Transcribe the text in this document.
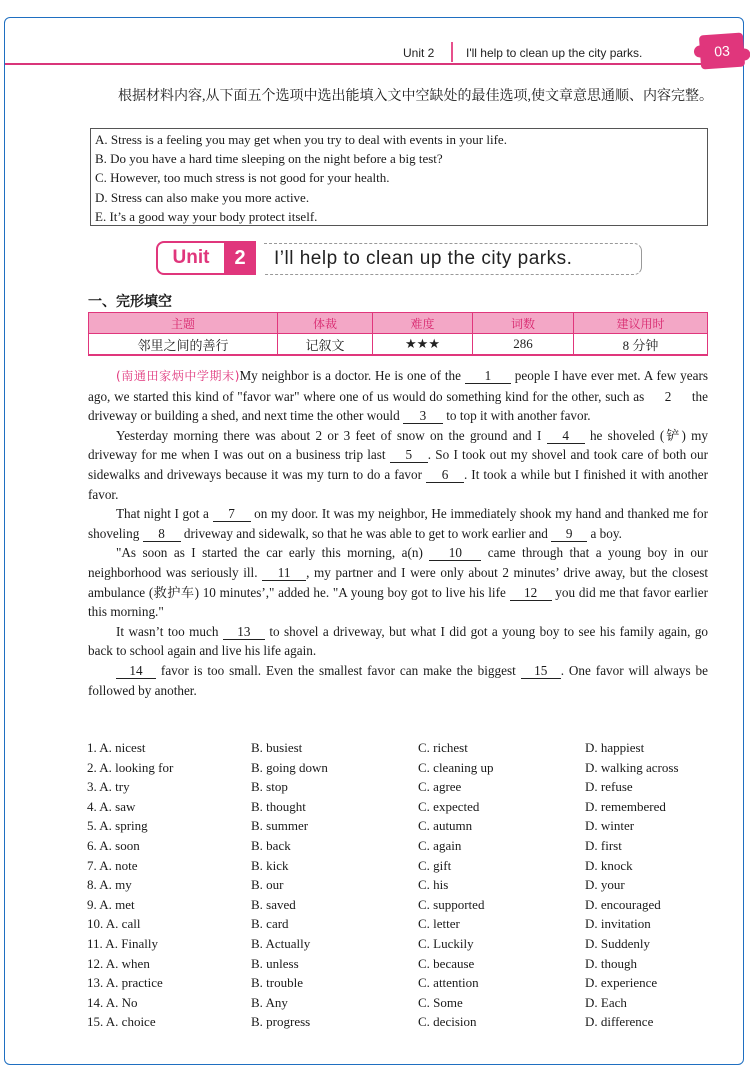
Unit 2	I'll help to clean up the city parks.	03
根据材料内容,从下面五个选项中选出能填入文中空缺处的最佳选项,使文章意思通顺、内容完整。
A. Stress is a feeling you may get when you try to deal with events in your life.
B. Do you have a hard time sleeping on the night before a big test?
C. However, too much stress is not good for your health.
D. Stress can also make you more active.
E. It’s a good way your body protect itself.
Unit	2	I’ll help to clean up the city parks.
一、完形填空
主题	体裁	难度	词数	建议用时
邻里之间的善行	记叙文	★★★	286	8 分钟

(南通田家炳中学期末)My neighbor is a doctor. He is one of the 1 people I have ever met. A few years ago, we started this kind of "favor war" where one of us would do something kind for the other, such as 2 the driveway or building a shed, and next time the other would 3 to top it with another favor.

Yesterday morning there was about 2 or 3 feet of snow on the ground and I 4 he shoveled (铲) my driveway for me when I was out on a business trip last 5 . So I took out my shovel and took care of both our sidewalks and driveways because it was my turn to do a favor 6 . It took a while but I finished it with another favor.

That night I got a 7 on my door. It was my neighbor, He immediately shook my hand and thanked me for shoveling 8 driveway and sidewalk, so that he was able to get to work earlier and 9 a boy.

"As soon as I started the car early this morning, a(n) 10 came through that a young boy in our neighborhood was seriously ill. 11 , my partner and I were only about 2 minutes’ drive away, but the closest ambulance (救护车) 10 minutes’," added he. "A young boy got to live his life 12 you did me that favor earlier this morning."

It wasn’t too much 13 to shovel a driveway, but what I did got a young boy to see his family again, go back to school again and live his life again.

14 favor is too small. Even the smallest favor can make the biggest 15 . One favor will always be followed by another.

1. A. nicest	B. busiest	C. richest	D. happiest
2. A. looking for	B. going down	C. cleaning up	D. walking across
3. A. try	B. stop	C. agree	D. refuse
4. A. saw	B. thought	C. expected	D. remembered
5. A. spring	B. summer	C. autumn	D. winter
6. A. soon	B. back	C. again	D. first
7. A. note	B. kick	C. gift	D. knock
8. A. my	B. our	C. his	D. your
9. A. met	B. saved	C. supported	D. encouraged
10. A. call	B. card	C. letter	D. invitation
11. A. Finally	B. Actually	C. Luckily	D. Suddenly
12. A. when	B. unless	C. because	D. though
13. A. practice	B. trouble	C. attention	D. experience
14. A. No	B. Any	C. Some	D. Each
15. A. choice	B. progress	C. decision	D. difference
